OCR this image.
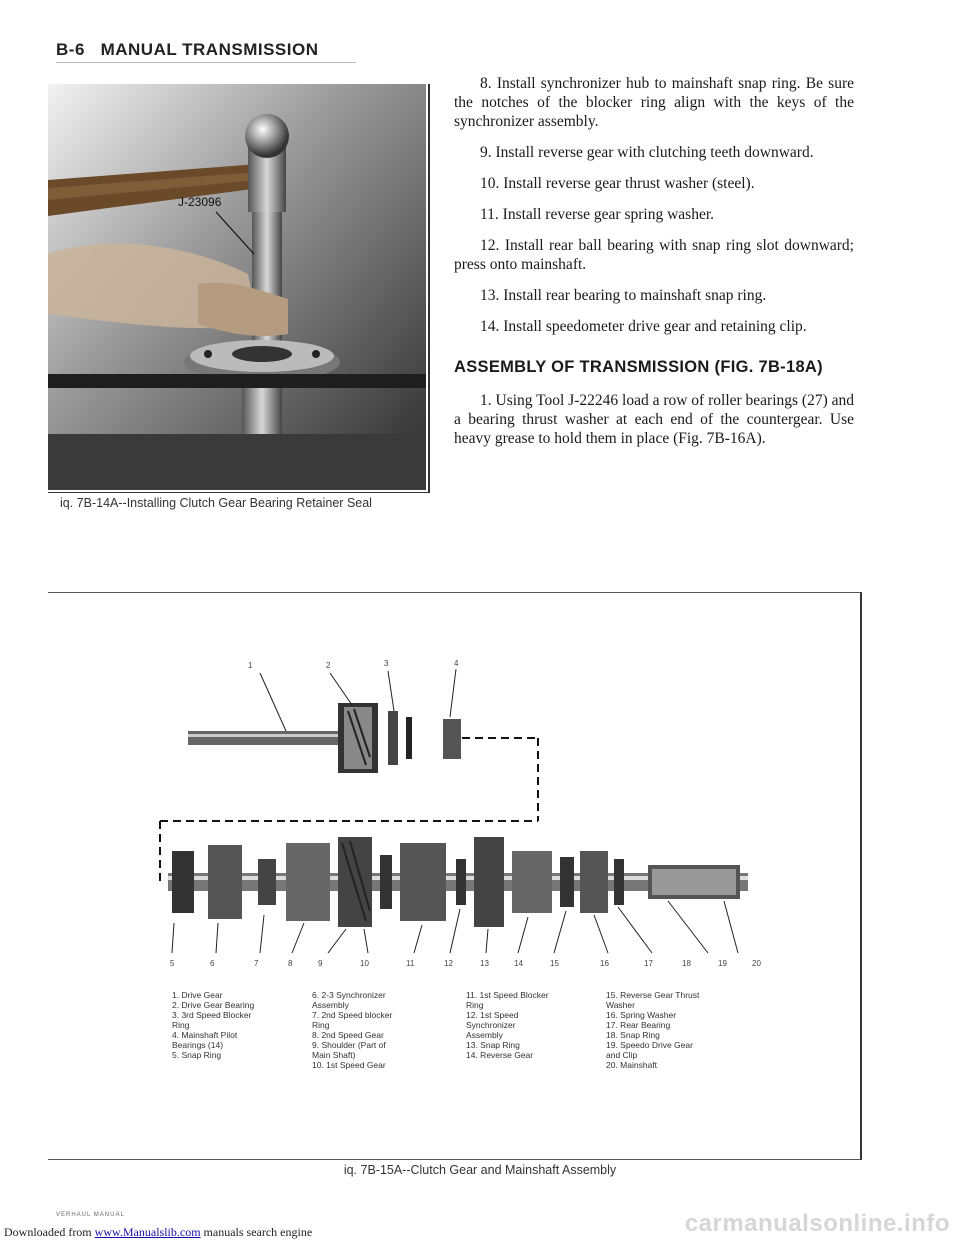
B-6 MANUAL TRANSMISSION
J-23096
iq. 7B-14A--Installing Clutch Gear Bearing Retainer Seal

8. Install synchronizer hub to mainshaft snap ring. Be sure the notches of the blocker ring align with the keys of the synchronizer assembly.

9. Install reverse gear with clutching teeth downward.

10. Install reverse gear thrust washer (steel).

11. Install reverse gear spring washer.

12. Install rear ball bearing with snap ring slot downward; press onto mainshaft.

13. Install rear bearing to mainshaft snap ring.

14. Install speedometer drive gear and retaining clip.

ASSEMBLY OF TRANSMISSION (FIG. 7B-18A)

1. Using Tool J-22246 load a row of roller bearings (27) and a bearing thrust washer at each end of the countergear. Use heavy grease to hold them in place (Fig. 7B-16A).

1	2	3	4
5	6	7	8	9	10	11	12	13	14	15	16	17	18	19	20
1. Drive Gear
2. Drive Gear Bearing
3. 3rd Speed Blocker
Ring
4. Mainshaft Pilot
Bearings (14)
5. Snap Ring
6. 2-3 Synchronizer
Assembly
7. 2nd Speed blocker
Ring
8. 2nd Speed Gear
9. Shoulder (Part of
Main Shaft)
10. 1st Speed Gear
11. 1st Speed Blocker
Ring
12. 1st Speed
Synchronizer
Assembly
13. Snap Ring
14. Reverse Gear
15. Reverse Gear Thrust
Washer
16. Spring Washer
17. Rear Bearing
18. Snap Ring
19. Speedo Drive Gear
and Clip
20. Mainshaft
iq. 7B-15A--Clutch Gear and Mainshaft Assembly
VERHAUL MANUAL
Downloaded from www.Manualslib.com manuals search engine	carmanualsonline.info
